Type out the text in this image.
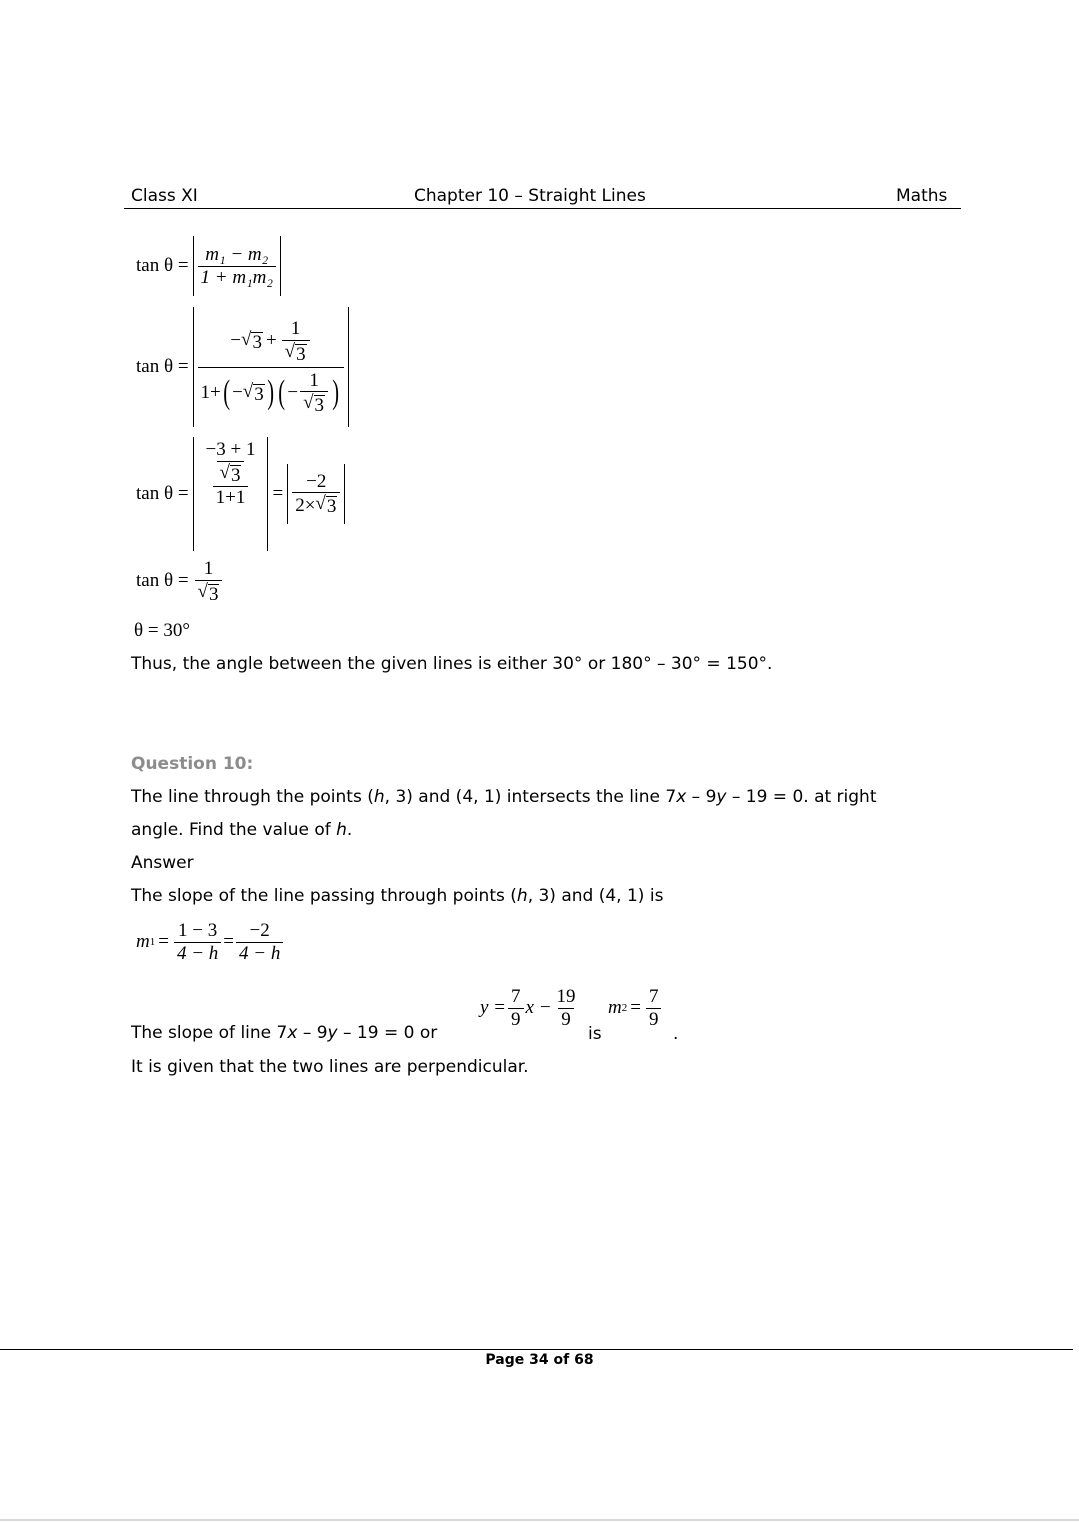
Class XI	Chapter 10 – Straight Lines	Maths
$\tan \theta = \frac{\text{m₁ − m₂}}{\text{1 + m₁m₂}}$
tan θ =
− √ $3 + \frac{1}{√ 3}$
1+ ( − √ 3 ) ( − $\frac{1}{√ 3}$ )
$\tan \theta = \frac{\frac{-3 + 1}{√ 3}}{1+1} = \frac{-2}{2\times √ 3}$
$\tan \theta = \frac{1}{√ 3}$
θ = 30°
Thus, the angle between the given lines is either 30° or 180° – 30° = 150°.
Question 10:
The line through the points (h, 3) and (4, 1) intersects the line 7x – 9y – 19 = 0. at right
angle. Find the value of h.
Answer
The slope of the line passing through points (h, 3) and (4, 1) is
m $1 = \frac{1 - 3}{4 - h} = \frac{-2}{4 - h}$
The slope of line 7x – 9y – 19 = 0 or
$y = \frac{7}{9}$ $x - \frac{19}{9}$
is
m $2 = \frac{7}{9}$
.
It is given that the two lines are perpendicular.
Page 34 of 68
